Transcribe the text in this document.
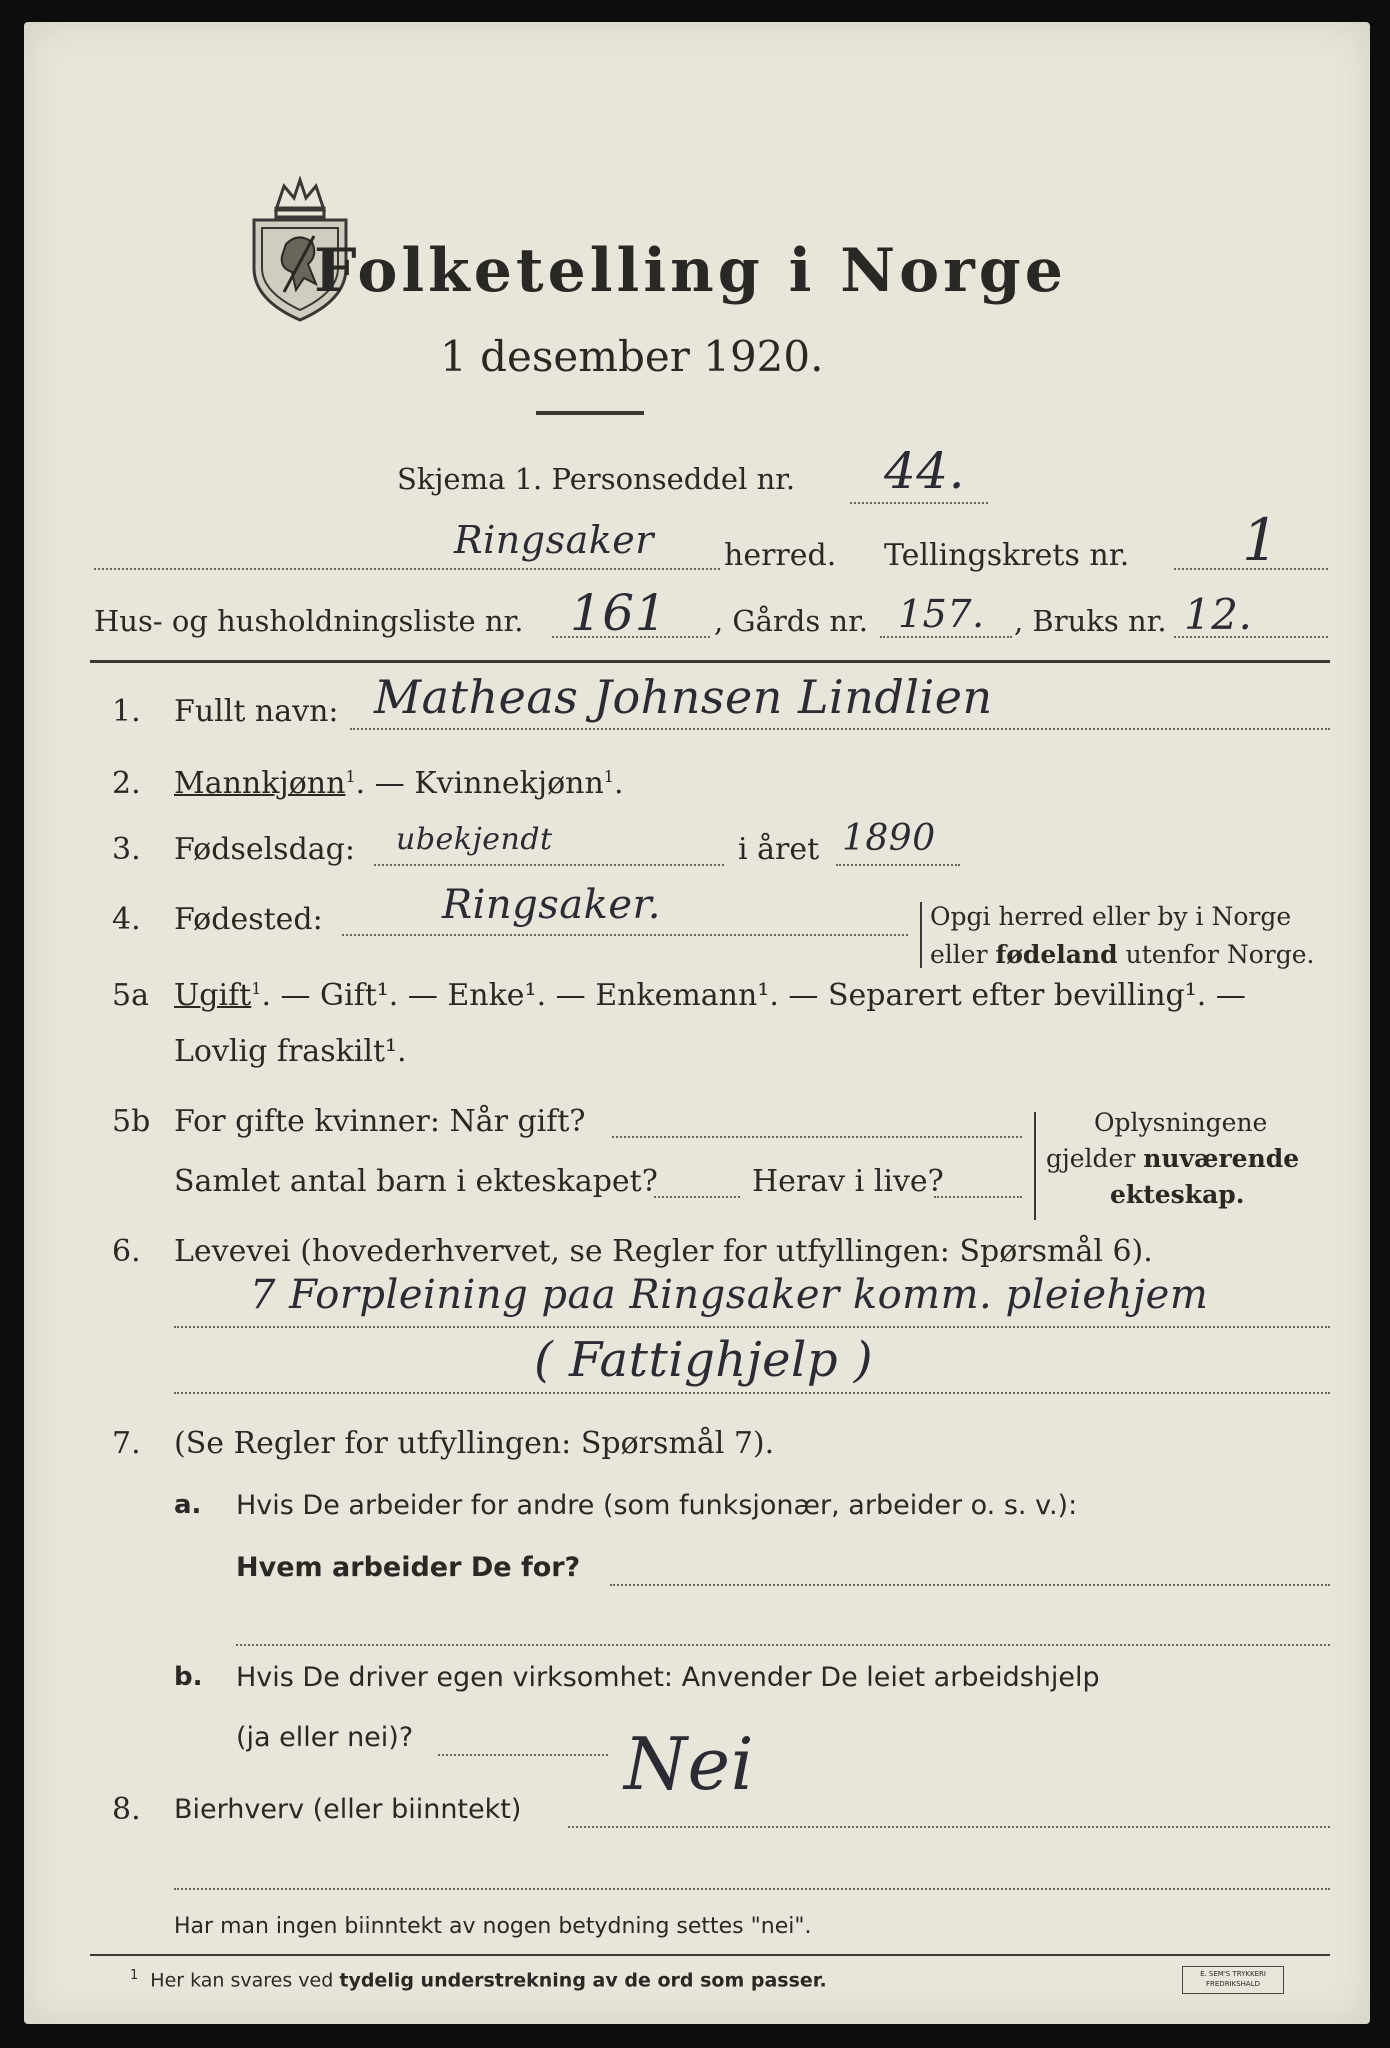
Folketelling i Norge
1 desember 1920.
Skjema 1. Personseddel nr. 44.
Ringsaker herred. Tellingskrets nr. 1
Hus- og husholdningsliste nr. 161 , Gårds nr. 157. , Bruks nr. 12.
1. Fullt navn: Matheas Johnsen Lindlien
2. Mannkjønn$^1$. — Kvinnekjønn$^1$.
3. Fødselsdag: ubekjendt	i året 1890
4. Fødested:	Ringsaker.	Opgi herred eller by i Norge
eller fødeland utenfor Norge.
5a Ugift$^1$. — Gift¹. — Enke¹. — Enkemann¹. — Separert efter bevilling¹. —
Lovlig fraskilt¹.
5b For gifte kvinner: Når gift?
Samlet antal barn i ekteskapet?	Herav i live?
Oplysningene
gjelder nuværende
ekteskap.
6. Levevei (hovederhvervet, se Regler for utfyllingen: Spørsmål 6).
7 Forpleining paa Ringsaker komm. pleiehjem
( Fattighjelp )
7. (Se Regler for utfyllingen: Spørsmål 7).
a. Hvis De arbeider for andre (som funksjonær, arbeider o. s. v.):
Hvem arbeider De for?
b. Hvis De driver egen virksomhet: Anvender De leiet arbeidshjelp
(ja eller nei)?
8. Bierhverv (eller biinntekt)
Nei
Har man ingen biinntekt av nogen betydning settes "nei".
$^1$ Her kan svares ved tydelig understrekning av de ord som passer.	E. SEM'S TRYKKERI
FREDRIKSHALD
